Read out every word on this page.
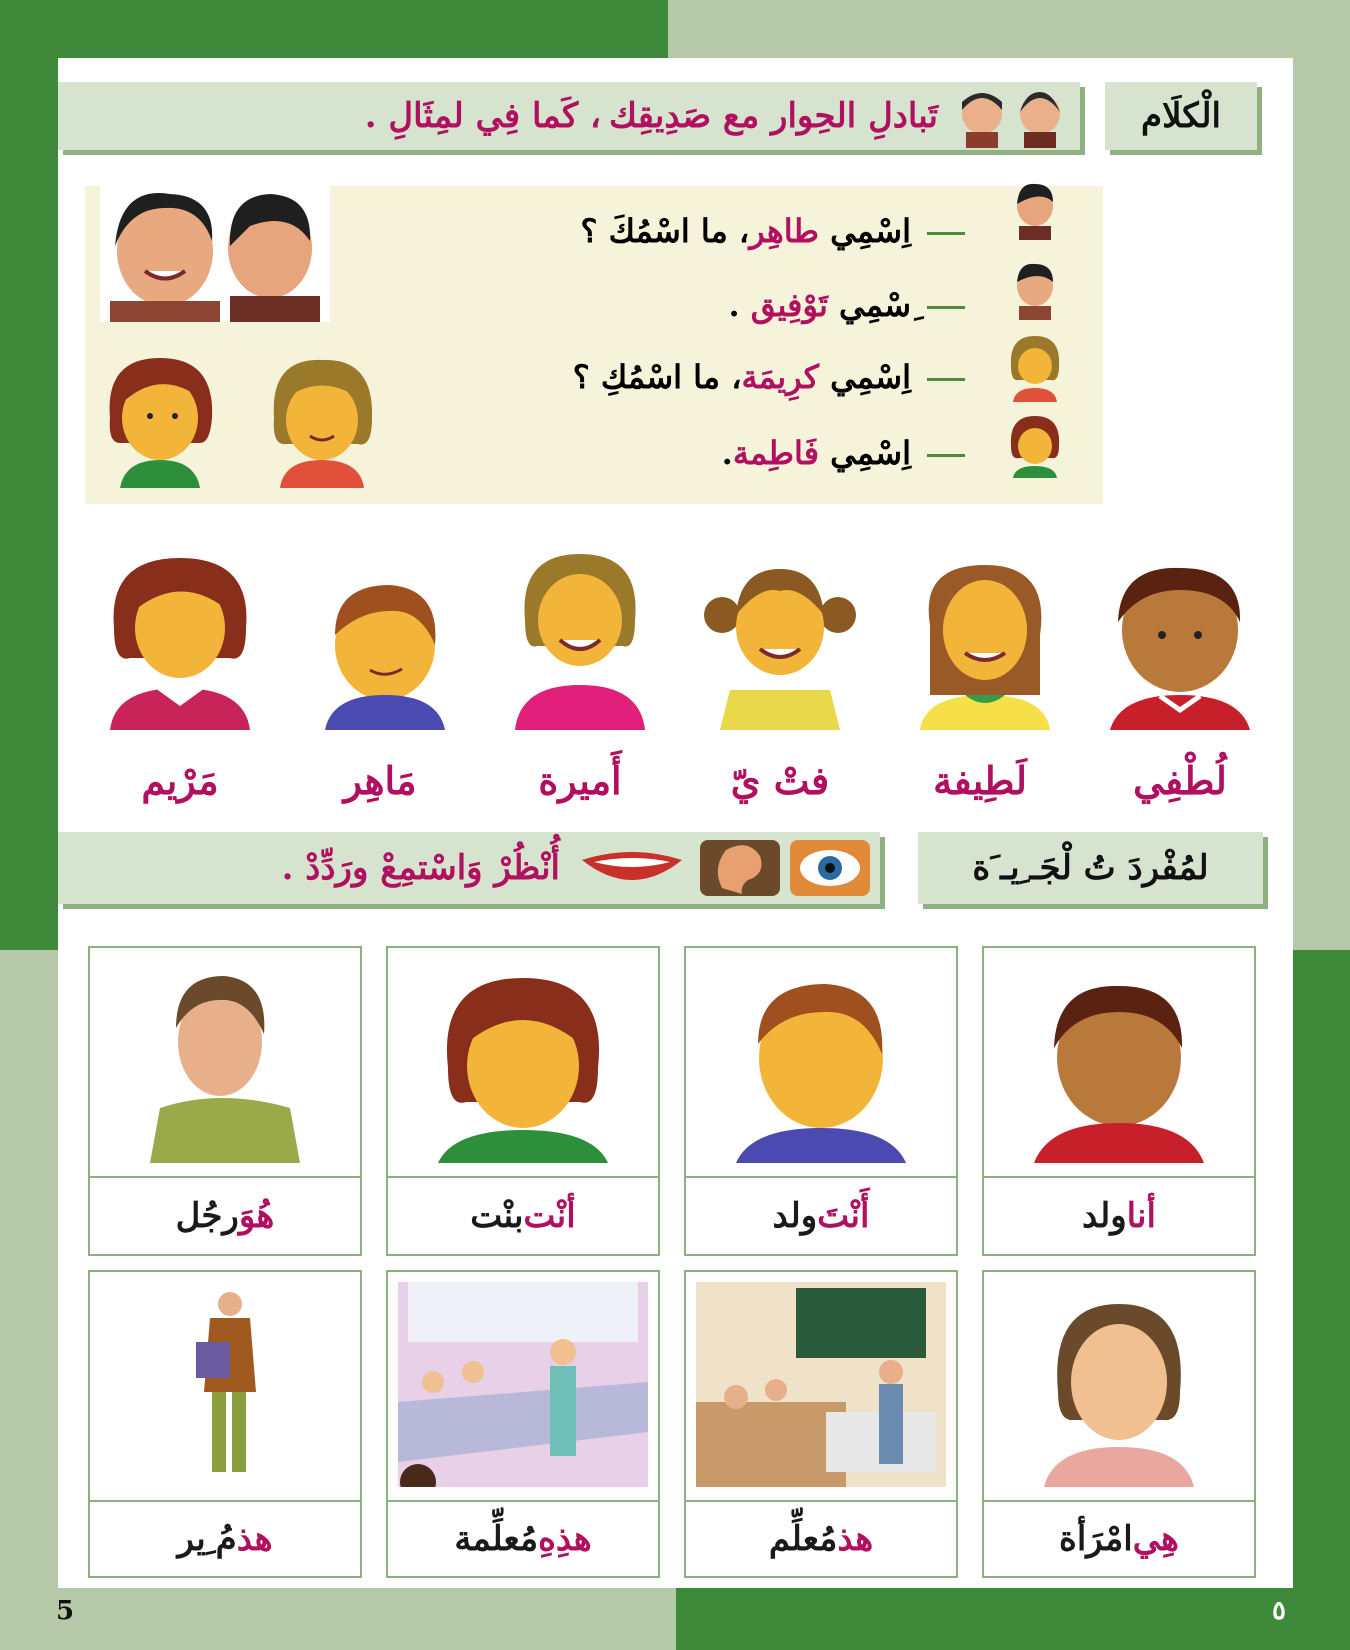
الْكلَام
تَبادلِ الحِوار مع صَدِيقِك
، كَما فِي لمِثَالِ .
اِسْمِي طاهِر، ما اسْمُكَ ؟
ِسْمِي تَوْفِيق .
اِسْمِي كرِيمَة، ما اسْمُكِ ؟
اِسْمِي فَاطِمة.
لُطْفِي
لَطِيفة
فتْ يّ
أَميرة
مَاهِر
مَرْيم
لمُفْردَ تُ لْجَـ ِيـ َة
أُنْظُرْ وَاسْتمِعْ ورَدِّدْ .
أنا
ولد
أَنْتَ
ولد
أنْت
بنْت
هُوَ
رجُل
هِي
امْرَأة
هذ
مُعلِّم
هذِهِ
مُعلِّمة
هذ
مُ ِير
5	٥
